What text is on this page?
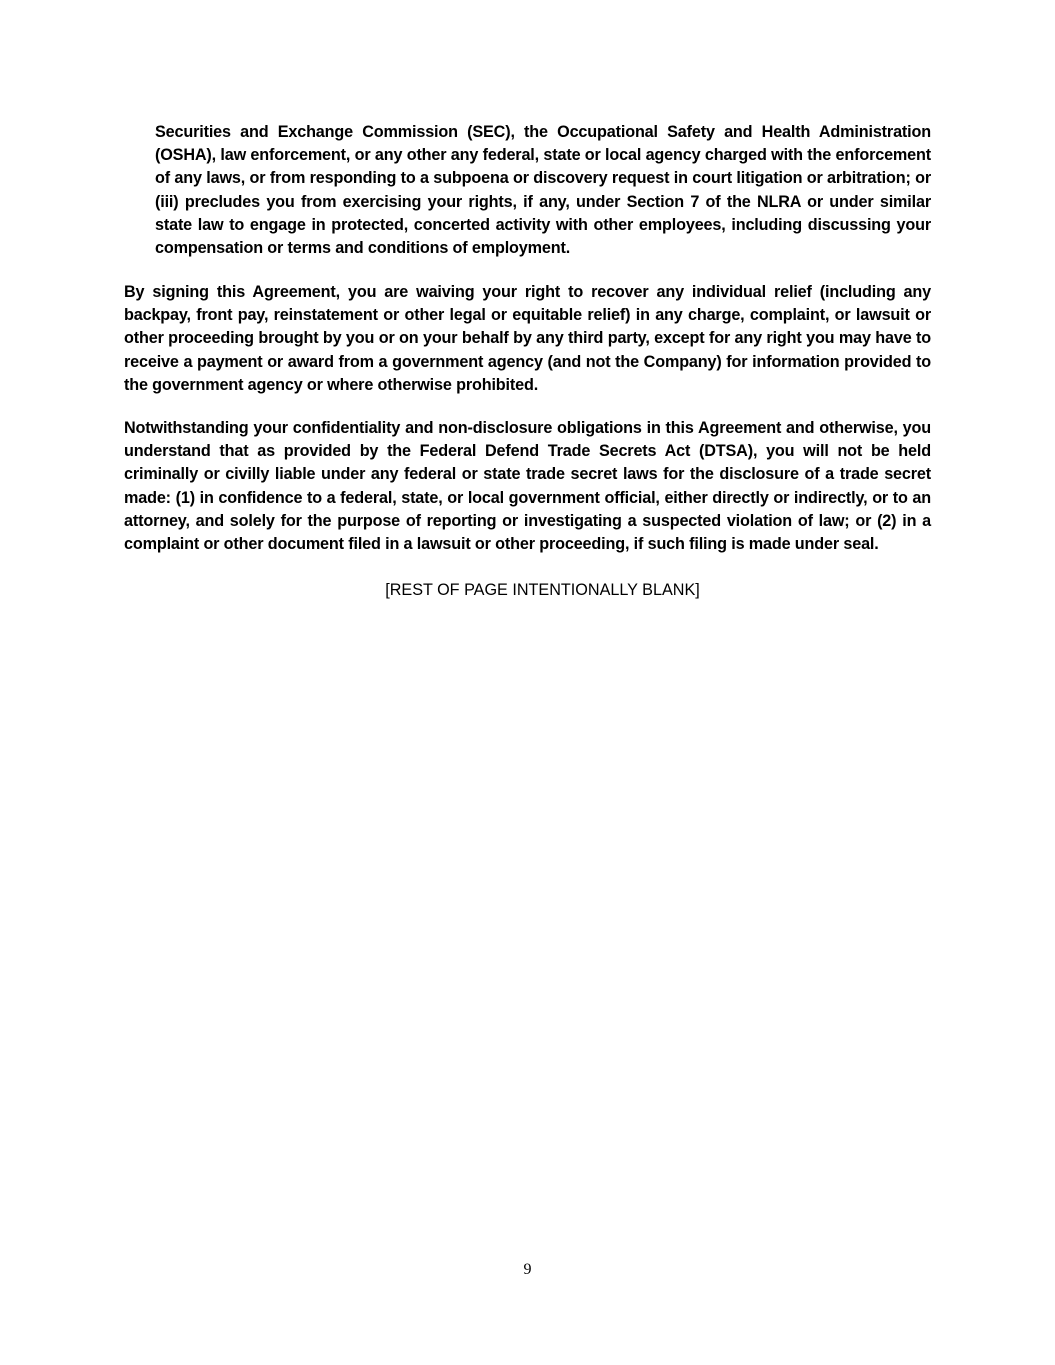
Securities and Exchange Commission (SEC), the Occupational Safety and Health Administration (OSHA), law enforcement, or any other any federal, state or local agency charged with the enforcement of any laws, or from responding to a subpoena or discovery request in court litigation or arbitration; or (iii) precludes you from exercising your rights, if any, under Section 7 of the NLRA or under similar state law to engage in protected, concerted activity with other employees, including discussing your compensation or terms and conditions of employment.

By signing this Agreement, you are waiving your right to recover any individual relief (including any backpay, front pay, reinstatement or other legal or equitable relief) in any charge, complaint, or lawsuit or other proceeding brought by you or on your behalf by any third party, except for any right you may have to receive a payment or award from a government agency (and not the Company) for information provided to the government agency or where otherwise prohibited.

Notwithstanding your confidentiality and non-disclosure obligations in this Agreement and otherwise, you understand that as provided by the Federal Defend Trade Secrets Act (DTSA), you will not be held criminally or civilly liable under any federal or state trade secret laws for the disclosure of a trade secret made: (1) in confidence to a federal, state, or local government official, either directly or indirectly, or to an attorney, and solely for the purpose of reporting or investigating a suspected violation of law; or (2) in a complaint or other document filed in a lawsuit or other proceeding, if such filing is made under seal.

[REST OF PAGE INTENTIONALLY BLANK]

9
